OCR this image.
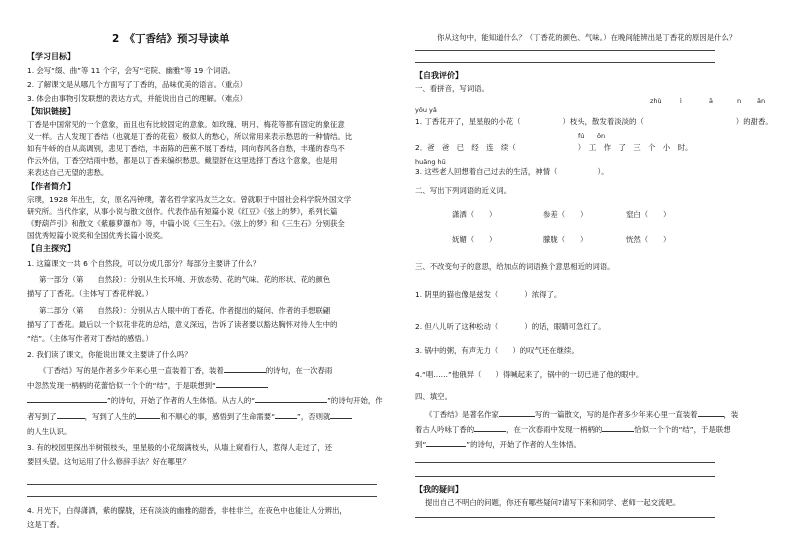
2　《丁香结》预习导读单
【学习目标】
1. 会写“缀、曲”等 11 个字，会写“宅院、幽雅”等 19 个词语。
2. 了解课文是从哪几个方面写了丁香的，品味优美的语言。（重点）
3. 体会由事物引发联想的表达方式，并能说出自己的理解。（难点）
【知识链接】
丁香是中国常见的一个意象，而且也有比较固定的意象。如玫瑰、明月、梅花等都有固定的象征意
义一样。古人发现丁香结（也就是丁香的花苞）极似人的愁心，所以常用来表示愁思的一种情结。比
如有牛峤的自从高调别，悲见丁香结，丰南陈的芭蕉不展丁香结，同向春风各自愁，丰瑾的春鸟不
作云外信，丁香空结雨中愁，都是以丁香来编织愁思。戴望舒在这里选择丁香这个意象，也是用
来表达自己无望的悲愁。
【作者简介】
宗璞，1928 年出生，女，原名冯钟璞，著名哲学家冯友兰之女。曾就职于中国社会科学院外国文学
研究所。当代作家，从事小说与散文创作。代表作品有短篇小说《红豆》《弦上的梦》，系列长篇
《野葫芦引》和散文《紫藤萝瀑布》等，中篇小说《三生石》。《弦上的梦》和《三生石》分别获全
国优秀短篇小说奖和全国优秀长篇小说奖。
【自主探究】
1. 这篇课文一共 6 个自然段，可以分成几部分？每部分主要讲了什么？
第一部分（第 自然段）：分别从生长环境、开放态势、花的气味、花的形状、花的颜色
描写了丁香花。（主体写丁香花样貌。）
第二部分（第 自然段）：分别从古人眼中的丁香花、作者提出的疑问、作者的手想联翩
描写了丁香花。最后以一个似花非花的总结，意义深远，告诉了读者要以豁达胸怀对待人生中的
“结”。（主体写作者对丁香结的感悟。）
2. 我们读了课文，你能说出课文主要讲了什么吗？
《丁香结》写的是作者多少年来心里一直装着丁香，装着	的诗句，在一次春雨
中忽然发现一柄柄的花蕾恰似一个个的“结”，于是联想到“
”的诗句，开始了作者的人生体悟。从古人的“	”的诗句开始，作
者写到了	，写到了人生的	和不顺心的事，感悟到了生命需要“	”，否则就
的人生认识。
3. 有的校园里探出半树银枝头，里星般的小花缀满枝头，从墙上窥看行人，惹得人走过了，还
要回头望。这句运用了什么修辞手法？好在哪里？
4. 月光下，白得潇洒，紫的朦胧，还有淡淡的幽雅的甜香，非桂非兰，在夜色中也能让人分辨出，
这是丁香。
你从这句中，能知道什么？（丁香花的颜色、气味。）在晚间能辨出是丁香花的原因是什么？
【自我评价】
一、看拼音，写词语。
yōu yǎ
zhù	ì	ā	n ǎn
1. 丁香花开了，星星般的小花（	）枝头，散发着淡淡的（	）的甜香。
fú ōn
2．爸　爸　已　经　连　续（	）　工　作　了　三　个　小　时。
huǎng hū
3. 这些老人回想着自己过去的生活，神情（	）。
二、写出下列词语的近义词。
潇洒（　　）	参差（　　）	窒白（　　）
妩媚（　　）	朦胧（　　）	恍然（　　）
三、不改变句子的意思，给加点的词语换个意思相近的词语。
1. 阴里的猫也像是兹发（	）浓得了。
2. 但八儿听了这种松动（	）的话，眼睛可急红了。
3. 锅中的粥，有声无力（ ）的叹气还在继续。
4.“唱……”他俄异（ ）得喊起来了，锅中的一切已进了他的眼中。
四、填空。
《丁香结》是著名作家	写的一篇散文，写的是作者多少年来心里一直装着	，装
着古人吟咏丁香的	，在一次春雨中发现一柄柄的	恰似一个个的“结”，于是联想
到“	”的诗句，开始了作者的人生体悟。
【我的疑问】
提出自己不明白的问题，你还有哪些疑问?请写下来和同学、老师一起交流吧。
